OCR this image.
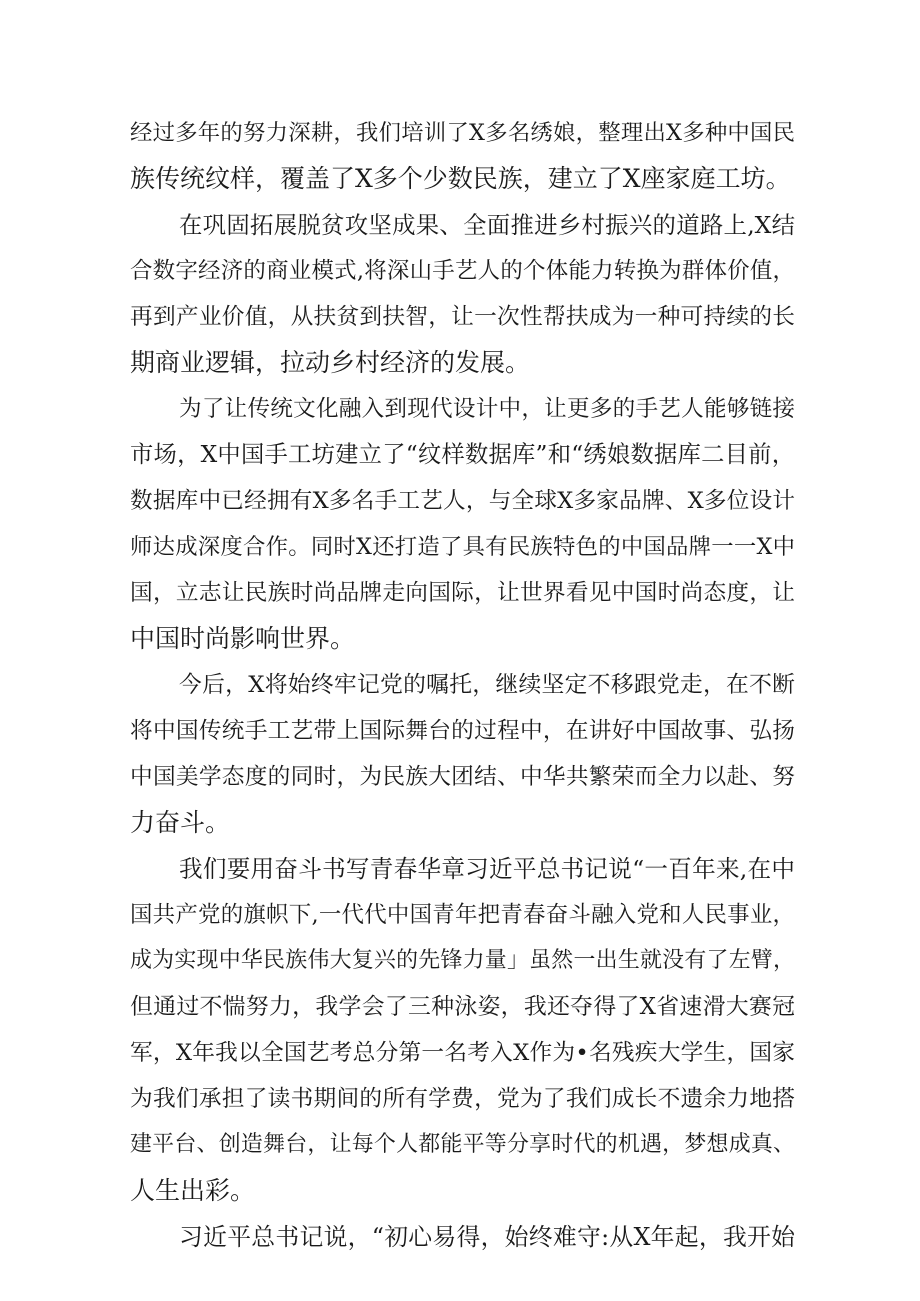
经过多年的努力深耕，我们培训了X多名绣娘，整理出X多种中国民
族传统纹样，覆盖了X多个少数民族，建立了X座家庭工坊。
在巩固拓展脱贫攻坚成果、全面推进乡村振兴的道路上,X结
合数字经济的商业模式,将深山手艺人的个体能力转换为群体价值，
再到产业价值，从扶贫到扶智，让一次性帮扶成为一种可持续的长
期商业逻辑，拉动乡村经济的发展。
为了让传统文化融入到现代设计中，让更多的手艺人能够链接
市场，X中国手工坊建立了“纹样数据库”和“绣娘数据库二目前，
数据库中已经拥有X多名手工艺人，与全球X多家品牌、X多位设计
师达成深度合作。同时X还打造了具有民族特色的中国品牌一一X中
国，立志让民族时尚品牌走向国际，让世界看见中国时尚态度，让
中国时尚影响世界。
今后，X将始终牢记党的嘱托，继续坚定不移跟党走，在不断
将中国传统手工艺带上国际舞台的过程中，在讲好中国故事、弘扬
中国美学态度的同时，为民族大团结、中华共繁荣而全力以赴、努
力奋斗。
我们要用奋斗书写青春华章习近平总书记说“一百年来,在中
国共产党的旗帜下,一代代中国青年把青春奋斗融入党和人民事业，
成为实现中华民族伟大复兴的先锋力量」虽然一出生就没有了左臂，
但通过不惴努力，我学会了三种泳姿，我还夺得了X省速滑大赛冠
军，X年我以全国艺考总分第一名考入X作为•名残疾大学生，国家
为我们承担了读书期间的所有学费，党为了我们成长不遗余力地搭
建平台、创造舞台，让每个人都能平等分享时代的机遇，梦想成真、
人生出彩。
习近平总书记说，“初心易得，始终难守:从X年起，我开始
